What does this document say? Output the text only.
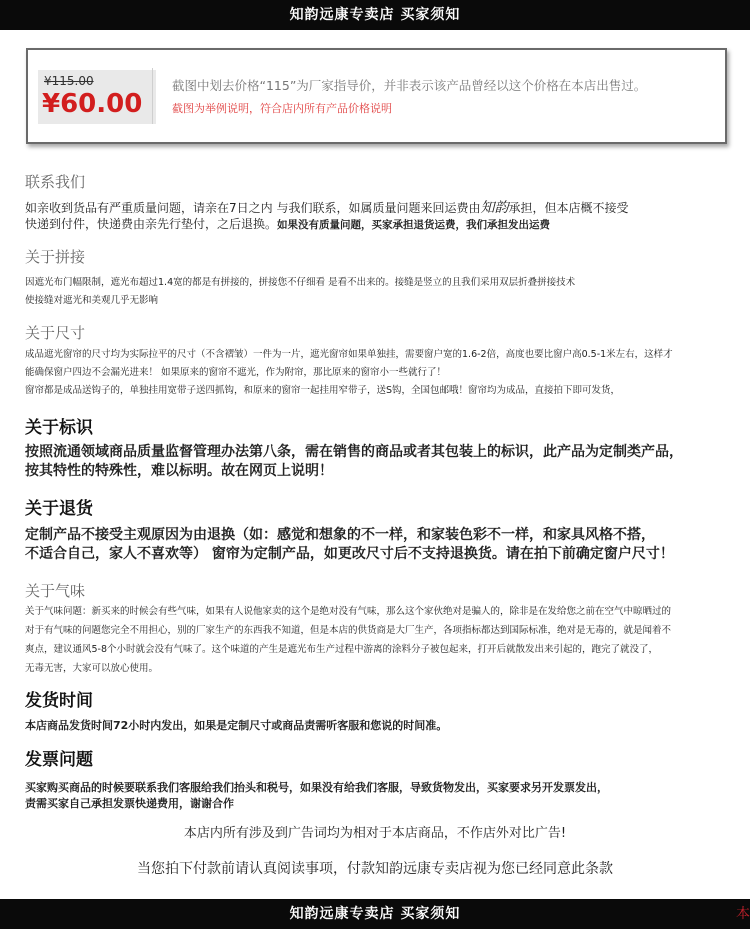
知韵远康专卖店 买家须知
¥115.00
¥60.00
截图中划去价格“115”为厂家指导价，并非表示该产品曾经以这个价格在本店出售过。
截图为举例说明，符合店内所有产品价格说明
联系我们
如亲收到货品有严重质量问题，请亲在7日之内 与我们联系，如属质量问题来回运费由知韵承担，但本店概不接受
快递到付件，快递费由亲先行垫付，之后退换。如果没有质量问题，买家承担退货运费，我们承担发出运费
关于拼接
因遮光布门幅限制，遮光布超过1.4宽的都是有拼接的，拼接您不仔细看 是看不出来的。接缝是竖立的且我们采用双层折叠拼接技术
使接缝对遮光和美观几乎无影响
关于尺寸
成品遮光窗帘的尺寸均为实际拉平的尺寸（不含褶皱）一件为一片，遮光窗帘如果单独挂，需要窗户宽的1.6-2倍，高度也要比窗户高0.5-1米左右，这样才
能确保窗户四边不会漏光进来！ 如果原来的窗帘不遮光，作为附帘，那比原来的窗帘小一些就行了！
窗帘都是成品送钩子的，单独挂用宽带子送四抓钩，和原来的窗帘一起挂用窄带子，送S钩，全国包邮哦！窗帘均为成品，直接拍下即可发货，
关于标识
按照流通领域商品质量监督管理办法第八条，需在销售的商品或者其包装上的标识，此产品为定制类产品，
按其特性的特殊性，难以标明。故在网页上说明！
关于退货
定制产品不接受主观原因为由退换（如：感觉和想象的不一样，和家装色彩不一样，和家具风格不搭，
不适合自己，家人不喜欢等） 窗帘为定制产品，如更改尺寸后不支持退换货。请在拍下前确定窗户尺寸！
关于气味
关于气味问题：新买来的时候会有些气味，如果有人说他家卖的这个是绝对没有气味，那么这个家伙绝对是骗人的，除非是在发给您之前在空气中晾晒过的
对于有气味的问题您完全不用担心，别的厂家生产的东西我不知道，但是本店的供货商是大厂生产，各项指标都达到国际标准，绝对是无毒的，就是闻着不
爽点，建议通风5-8个小时就会没有气味了。这个味道的产生是遮光布生产过程中游离的涂料分子被包起来，打开后就散发出来引起的，跑完了就没了，
无毒无害，大家可以放心使用。
发货时间
本店商品发货时间72小时内发出，如果是定制尺寸或商品责需听客服和您说的时间准。
发票问题
买家购买商品的时候要联系我们客服给我们抬头和税号，如果没有给我们客服，导致货物发出，买家要求另开发票发出，
责需买家自己承担发票快递费用，谢谢合作
本店内所有涉及到广告词均为相对于本店商品，不作店外对比广告!
当您拍下付款前请认真阅读事项，付款知韵远康专卖店视为您已经同意此条款
知韵远康专卖店 买家须知	本
